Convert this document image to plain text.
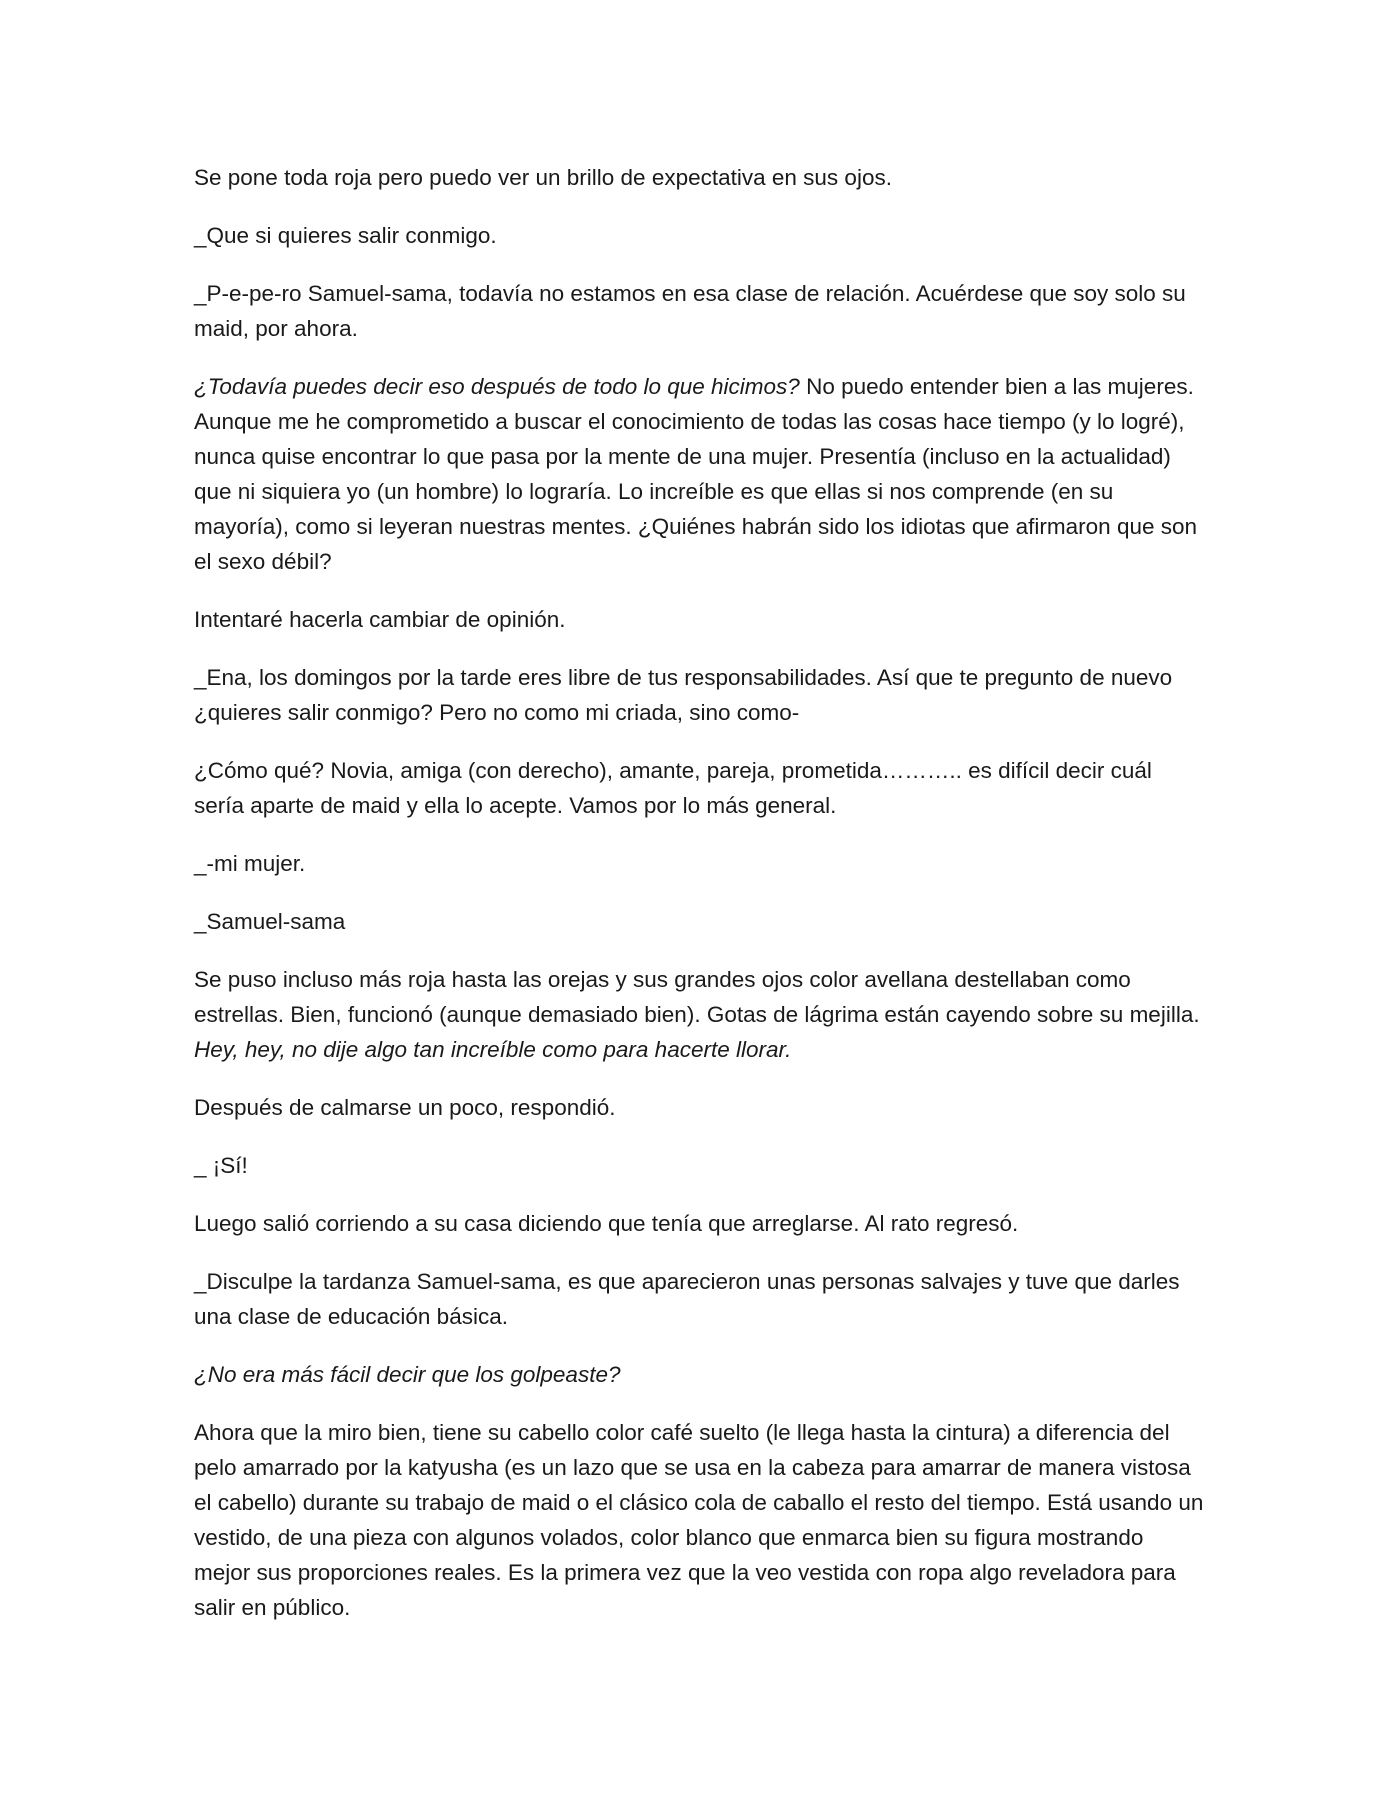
Se pone toda roja pero puedo ver un brillo de expectativa en sus ojos.

_Que si quieres salir conmigo.

_P-e-pe-ro Samuel-sama, todavía no estamos en esa clase de relación. Acuérdese que soy solo su maid, por ahora.

¿Todavía puedes decir eso después de todo lo que hicimos? No puedo entender bien a las mujeres. Aunque me he comprometido a buscar el conocimiento de todas las cosas hace tiempo (y lo logré), nunca quise encontrar lo que pasa por la mente de una mujer. Presentía (incluso en la actualidad) que ni siquiera yo (un hombre) lo lograría. Lo increíble es que ellas si nos comprende (en su mayoría), como si leyeran nuestras mentes. ¿Quiénes habrán sido los idiotas que afirmaron que son el sexo débil?

Intentaré hacerla cambiar de opinión.

_Ena, los domingos por la tarde eres libre de tus responsabilidades. Así que te pregunto de nuevo ¿quieres salir conmigo? Pero no como mi criada, sino como-

¿Cómo qué? Novia, amiga (con derecho), amante, pareja, prometida……….. es difícil decir cuál sería aparte de maid y ella lo acepte. Vamos por lo más general.

_-mi mujer.

_Samuel-sama

Se puso incluso más roja hasta las orejas y sus grandes ojos color avellana destellaban como estrellas. Bien, funcionó (aunque demasiado bien). Gotas de lágrima están cayendo sobre su mejilla. Hey, hey, no dije algo tan increíble como para hacerte llorar.

Después de calmarse un poco, respondió.

_ ¡Sí!

Luego salió corriendo a su casa diciendo que tenía que arreglarse. Al rato regresó.

_Disculpe la tardanza Samuel-sama, es que aparecieron unas personas salvajes y tuve que darles una clase de educación básica.

¿No era más fácil decir que los golpeaste?

Ahora que la miro bien, tiene su cabello color café suelto (le llega hasta la cintura) a diferencia del pelo amarrado por la katyusha (es un lazo que se usa en la cabeza para amarrar de manera vistosa el cabello) durante su trabajo de maid o el clásico cola de caballo el resto del tiempo. Está usando un vestido, de una pieza con algunos volados, color blanco que enmarca bien su figura mostrando mejor sus proporciones reales. Es la primera vez que la veo vestida con ropa algo reveladora para salir en público.
